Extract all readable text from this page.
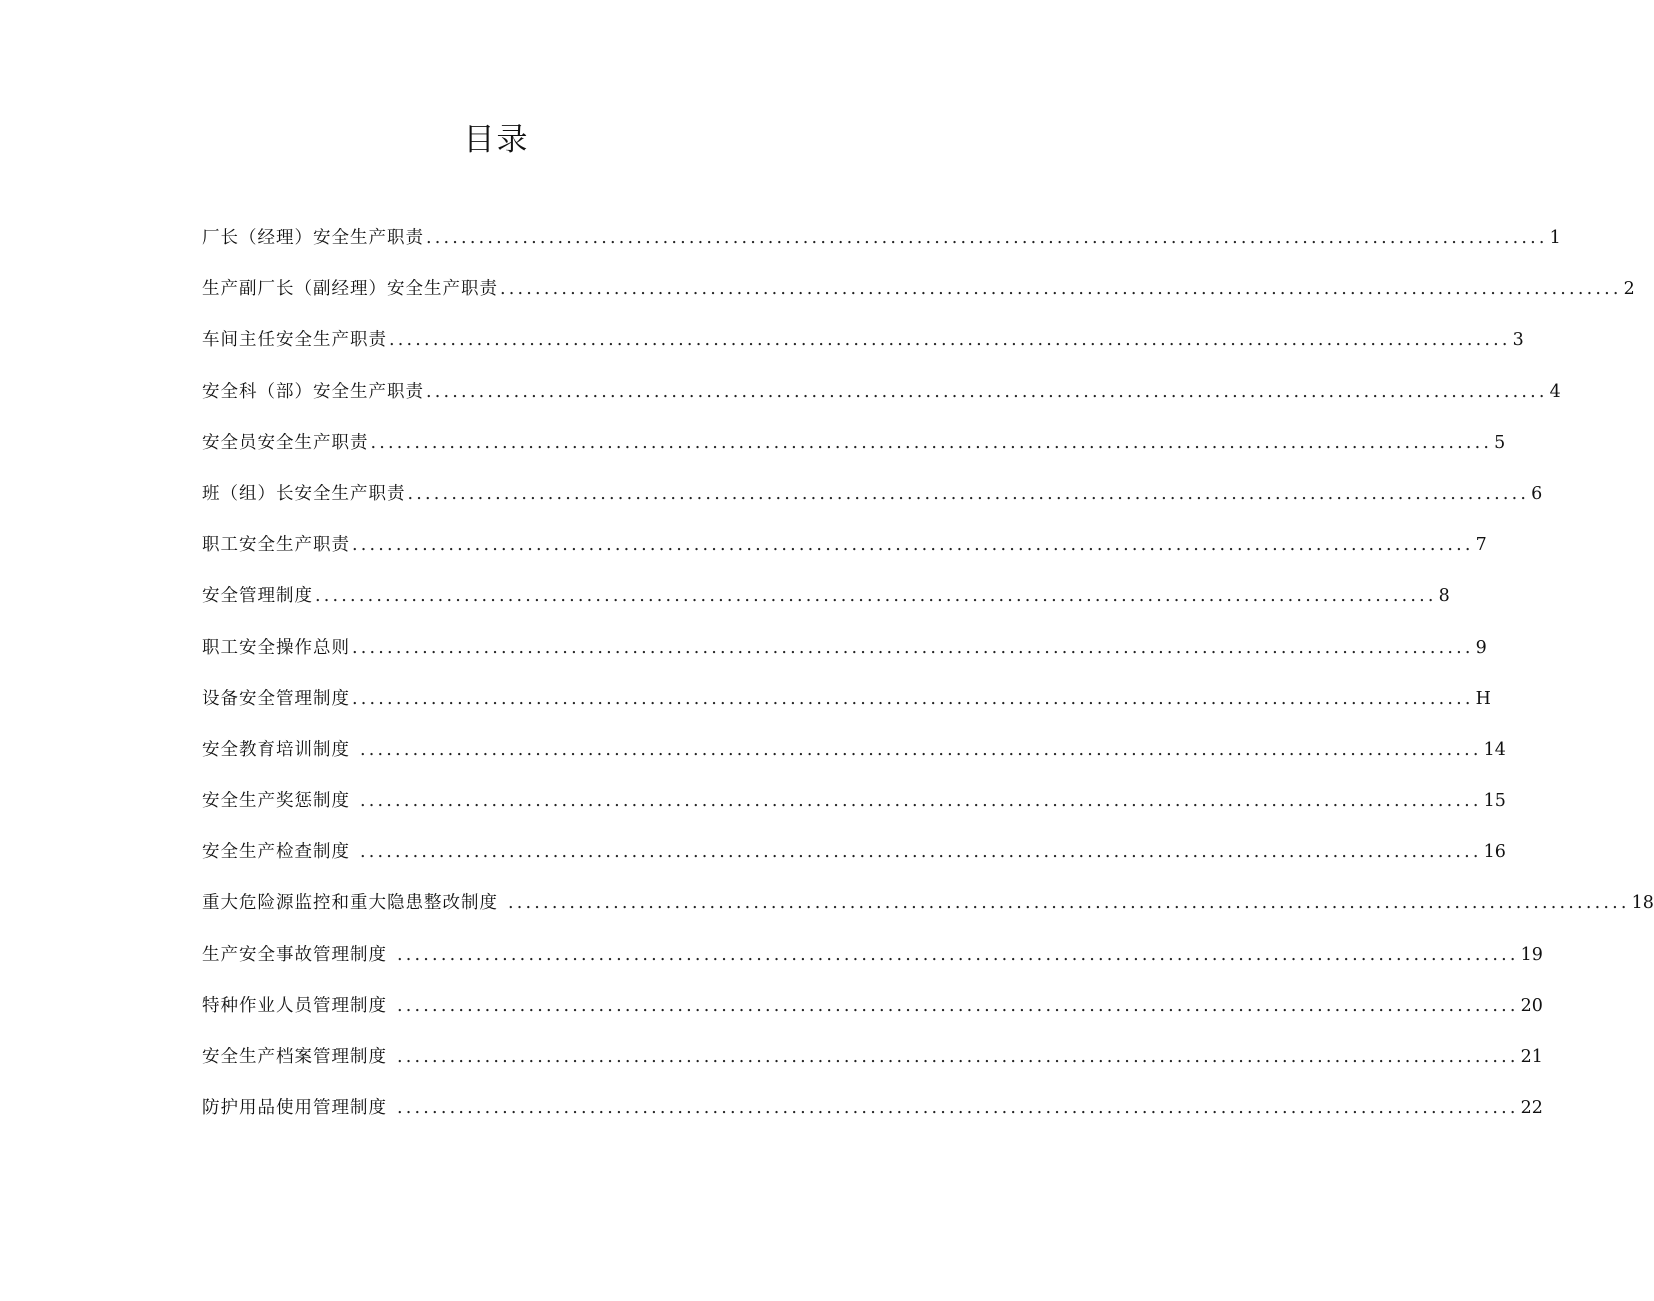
目录
厂长（经理）安全生产职责 ................................................................................................................................ 1
生产副厂长（副经理）安全生产职责 ................................................................................................................................ 2
车间主任安全生产职责 ................................................................................................................................ 3
安全科（部）安全生产职责 ................................................................................................................................ 4
安全员安全生产职责 ................................................................................................................................ 5
班（组）长安全生产职责 ................................................................................................................................ 6
职工安全生产职责 ................................................................................................................................ 7
安全管理制度 ................................................................................................................................ 8
职工安全操作总则 ................................................................................................................................ 9
设备安全管理制度 ................................................................................................................................ H
安全教育培训制度 ................................................................................................................................ 14
安全生产奖惩制度 ................................................................................................................................ 15
安全生产检查制度 ................................................................................................................................ 16
重大危险源监控和重大隐患整改制度 ................................................................................................................................ 18
生产安全事故管理制度 ................................................................................................................................ 19
特种作业人员管理制度 ................................................................................................................................ 20
安全生产档案管理制度 ................................................................................................................................ 21
防护用品使用管理制度 ................................................................................................................................ 22
